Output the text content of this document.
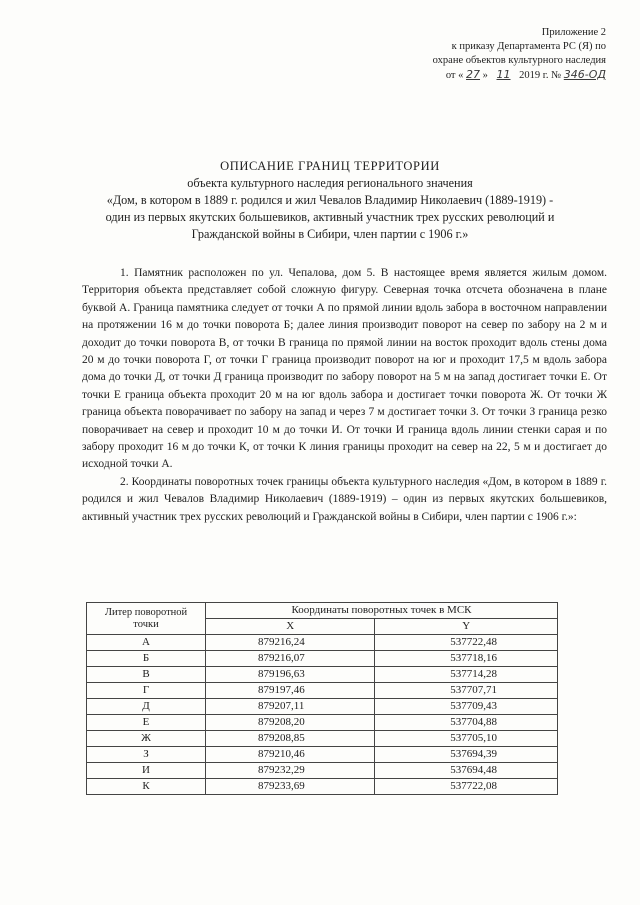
Приложение 2
к приказу Департамента РС (Я) по
охране объектов культурного наследия
от « 27 » 11 2019 г. № 346-ОД
ОПИСАНИЕ ГРАНИЦ ТЕРРИТОРИИ
объекта культурного наследия регионального значения
«Дом, в котором в 1889 г. родился и жил Чевалов Владимир Николаевич (1889-1919) -
один из первых якутских большевиков, активный участник трех русских революций и
Гражданской войны в Сибири, член партии с 1906 г.»

1. Памятник расположен по ул. Чепалова, дом 5. В настоящее время является жилым домом. Территория объекта представляет собой сложную фигуру. Северная точка отсчета обозначена в плане буквой А. Граница памятника следует от точки А по прямой линии вдоль забора в восточном направлении на протяжении 16 м до точки поворота Б; далее линия производит поворот на север по забору на 2 м и доходит до точки поворота В, от точки В граница по прямой линии на восток проходит вдоль стены дома 20 м до точки поворота Г, от точки Г граница производит поворот на юг и проходит 17,5 м вдоль забора дома до точки Д, от точки Д граница производит по забору поворот на 5 м на запад достигает точки Е. От точки Е граница объекта проходит 20 м на юг вдоль забора и достигает точки поворота Ж. От точки Ж граница объекта поворачивает по забору на запад и через 7 м достигает точки З. От точки З граница резко поворачивает на север и проходит 10 м до точки И. От точки И граница вдоль линии стенки сарая и по забору проходит 16 м до точки К, от точки К линия границы проходит на север на 22, 5 м и достигает до исходной точки А.

2. Координаты поворотных точек границы объекта культурного наследия «Дом, в котором в 1889 г. родился и жил Чевалов Владимир Николаевич (1889-1919) – один из первых якутских большевиков, активный участник трех русских революций и Гражданской войны в Сибири, член партии с 1906 г.»:

Литер поворотной точки	Координаты поворотных точек в МСК	
	X	Y
А	879216,24	537722,48
Б	879216,07	537718,16
В	879196,63	537714,28
Г	879197,46	537707,71
Д	879207,11	537709,43
Е	879208,20	537704,88
Ж	879208,85	537705,10
З	879210,46	537694,39
И	879232,29	537694,48
К	879233,69	537722,08
